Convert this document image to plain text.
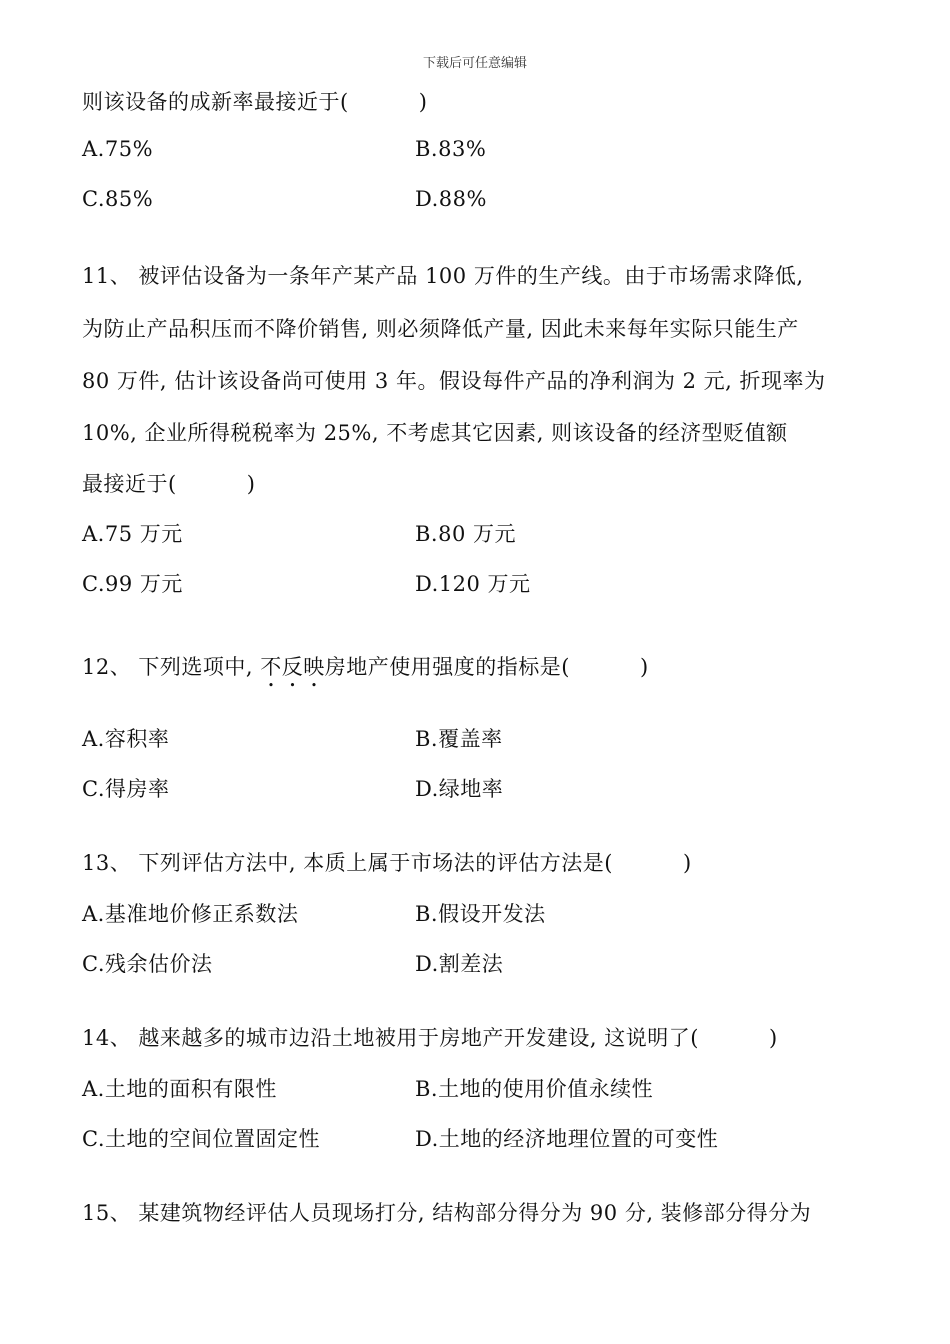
下载后可任意编辑
则该设备的成新率最接近于(	)
A.75%	B.83%
C.85%	D.88%
11、 被评估设备为一条年产某产品 100 万件的生产线。由于市场需求降低,
为防止产品积压而不降价销售, 则必须降低产量, 因此未来每年实际只能生产
80 万件, 估计该设备尚可使用 3 年。假设每件产品的净利润为 2 元, 折现率为
10%, 企业所得税税率为 25%, 不考虑其它因素, 则该设备的经济型贬值额
最接近于(	)
A.75 万元	B.80 万元
C.99 万元	D.120 万元
12、 下列选项中, 不反映房地产使用强度的指标是(	)
A.容积率	B.覆盖率
C.得房率	D.绿地率
13、 下列评估方法中, 本质上属于市场法的评估方法是(	)
A.基准地价修正系数法	B.假设开发法
C.残余估价法	D.割差法
14、 越来越多的城市边沿土地被用于房地产开发建设, 这说明了(	)
A.土地的面积有限性	B.土地的使用价值永续性
C.土地的空间位置固定性	D.土地的经济地理位置的可变性
15、 某建筑物经评估人员现场打分, 结构部分得分为 90 分, 装修部分得分为
